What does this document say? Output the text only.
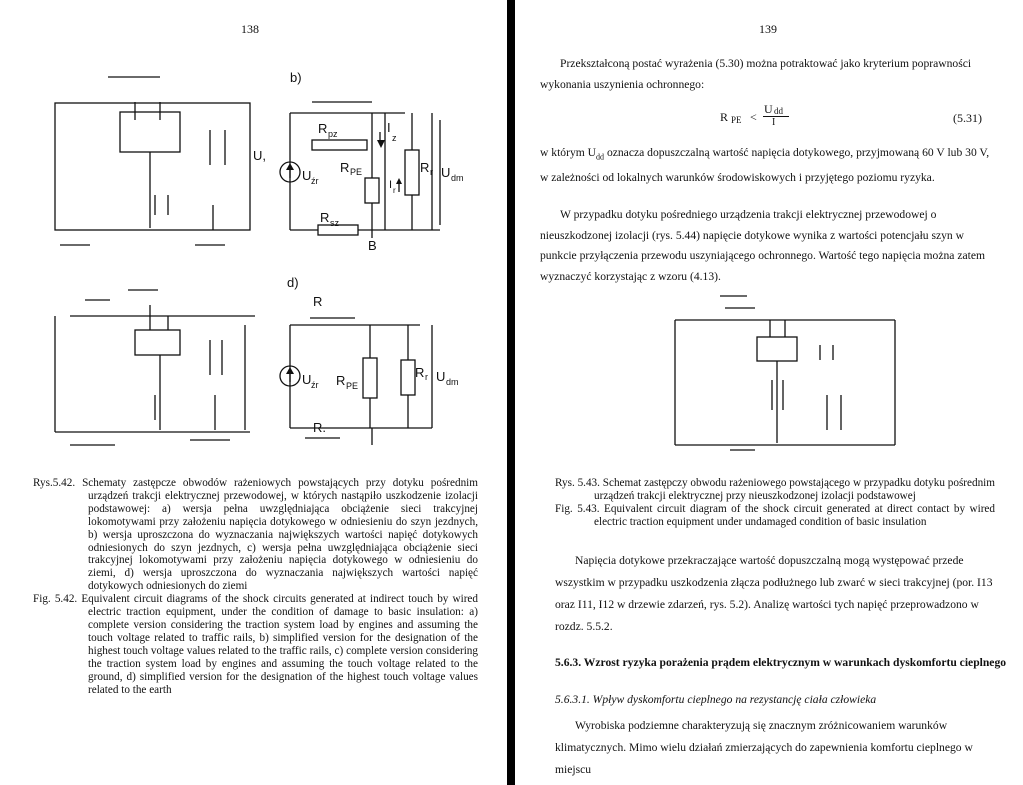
138
b)
U,
R pz	I
z
U źr
R PE
I r
R r U dm
R sz
B
d)
R
U źr R PE
R r U dm
R.

Rys.5.42. Schematy zastępcze obwodów rażeniowych powstających przy dotyku pośrednim urządzeń trakcji elektrycznej przewodowej, w których nastąpiło uszkodzenie izolacji podstawowej: a) wersja pełna uwzględniająca obciążenie sieci trakcyjnej lokomotywami przy założeniu napięcia dotykowego w odniesieniu do szyn jezdnych, b) wersja uproszczona do wyznaczania największych wartości napięć dotykowych odniesionych do szyn jezdnych, c) wersja pełna uwzględniająca obciążenie sieci trakcyjnej lokomotywami przy założeniu napięcia dotykowego w odniesieniu do ziemi, d) wersja uproszczona do wyznaczania największych wartości napięć dotykowych odniesionych do ziemi

Fig. 5.42. Equivalent circuit diagrams of the shock circuits generated at indirect touch by wired electric traction equipment, under the condition of damage to basic insulation: a) complete version considering the traction system load by engines and assuming the touch voltage related to traffic rails, b) simplified version for the designation of the highest touch voltage values related to the traffic rails, c) complete version considering the traction system load by engines and assuming the touch voltage related to the ground, d) simplified version for the designation of the highest touch voltage values related to the earth

139
Przekształconą postać wyrażenia (5.30) można potraktować jako kryterium poprawności wykonania uszynienia ochronnego:
R PE <
U dd
I	(5.31)
w którym $U_{dd}$ oznacza dopuszczalną wartość napięcia dotykowego, przyjmowaną 60 V lub 30 V, w zależności od lokalnych warunków środowiskowych i przyjętego poziomu ryzyka.
W przypadku dotyku pośredniego urządzenia trakcji elektrycznej przewodowej o nieuszkodzonej izolacji (rys. 5.44) napięcie dotykowe wynika z wartości potencjału szyn w punkcie przyłączenia przewodu uszyniającego ochronnego. Wartość tego napięcia można zatem wyznaczyć korzystając z wzoru (4.13).

Rys. 5.43. Schemat zastępczy obwodu rażeniowego powstającego w przypadku dotyku pośrednim urządzeń trakcji elektrycznej przy nieuszkodzonej izolacji podstawowej

Fig. 5.43. Equivalent circuit diagram of the shock circuit generated at direct contact by wired electric traction equipment under undamaged condition of basic insulation

Napięcia dotykowe przekraczające wartość dopuszczalną mogą występować przede wszystkim w przypadku uszkodzenia złącza podłużnego lub zwarć w sieci trakcyjnej (por. I13 oraz I11, I12 w drzewie zdarzeń, rys. 5.2). Analizę wartości tych napięć przeprowadzono w rozdz. 5.5.2.
5.6.3. Wzrost ryzyka porażenia prądem elektrycznym w warunkach dyskomfortu cieplnego
5.6.3.1. Wpływ dyskomfortu cieplnego na rezystancję ciała człowieka
Wyrobiska podziemne charakteryzują się znacznym zróżnicowaniem warunków klimatycznych. Mimo wielu działań zmierzających do zapewnienia komfortu cieplnego w miejscu
